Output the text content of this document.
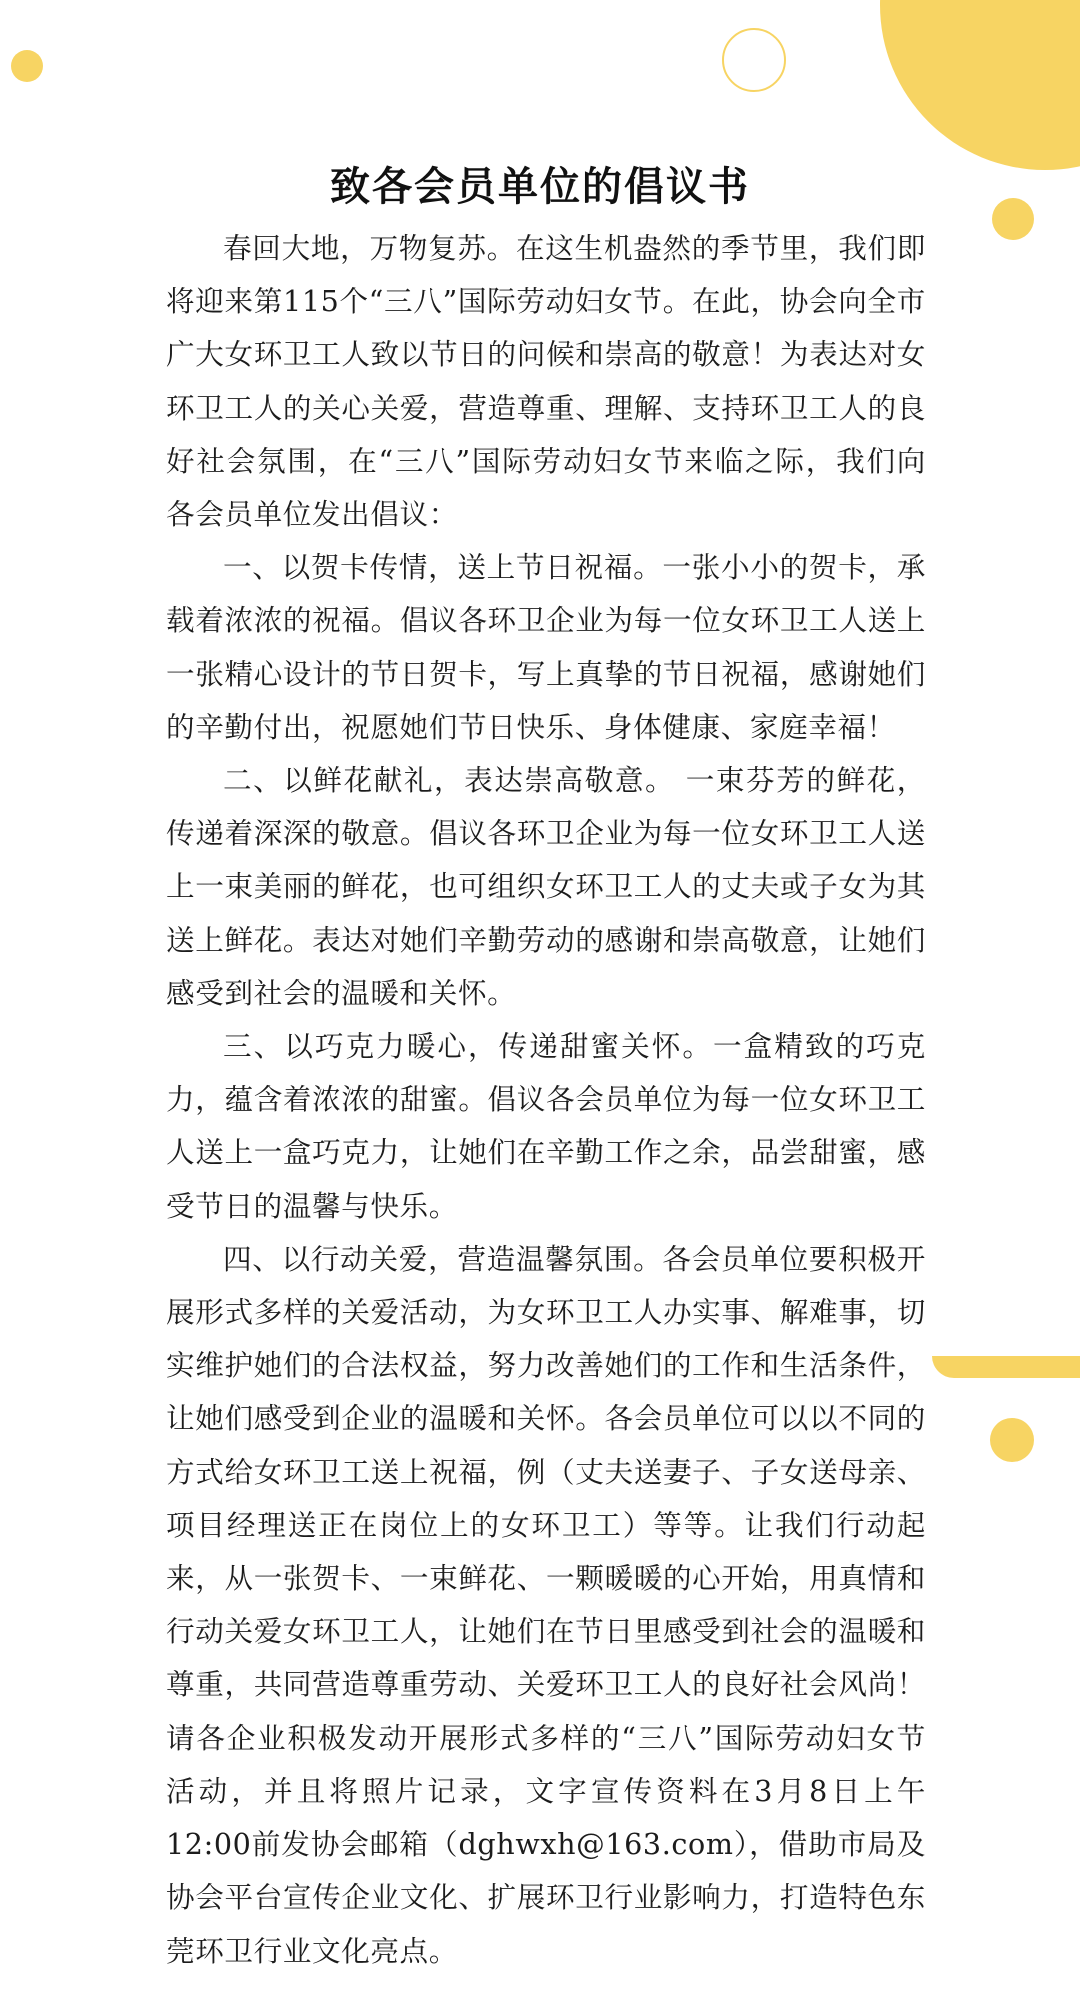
致各会员单位的倡议书

春回大地，万物复苏。在这生机盎然的季节里，我们即将迎来第115个“三八”国际劳动妇女节。在此，协会向全市广大女环卫工人致以节日的问候和崇高的敬意！为表达对女环卫工人的关心关爱，营造尊重、理解、支持环卫工人的良好社会氛围，在“三八”国际劳动妇女节来临之际，我们向各会员单位发出倡议：

一、以贺卡传情，送上节日祝福。一张小小的贺卡，承载着浓浓的祝福。倡议各环卫企业为每一位女环卫工人送上一张精心设计的节日贺卡，写上真挚的节日祝福，感谢她们的辛勤付出，祝愿她们节日快乐、身体健康、家庭幸福！

二、以鲜花献礼，表达崇高敬意。 一束芬芳的鲜花，传递着深深的敬意。倡议各环卫企业为每一位女环卫工人送上一束美丽的鲜花，也可组织女环卫工人的丈夫或子女为其送上鲜花。表达对她们辛勤劳动的感谢和崇高敬意，让她们感受到社会的温暖和关怀。

三、以巧克力暖心，传递甜蜜关怀。一盒精致的巧克力，蕴含着浓浓的甜蜜。倡议各会员单位为每一位女环卫工人送上一盒巧克力，让她们在辛勤工作之余，品尝甜蜜，感受节日的温馨与快乐。

四、以行动关爱，营造温馨氛围。各会员单位要积极开展形式多样的关爱活动，为女环卫工人办实事、解难事，切实维护她们的合法权益，努力改善她们的工作和生活条件，让她们感受到企业的温暖和关怀。各会员单位可以以不同的方式给女环卫工送上祝福，例（丈夫送妻子、子女送母亲、项目经理送正在岗位上的女环卫工）等等。让我们行动起来，从一张贺卡、一束鲜花、一颗暖暖的心开始，用真情和行动关爱女环卫工人，让她们在节日里感受到社会的温暖和尊重，共同营造尊重劳动、关爱环卫工人的良好社会风尚！请各企业积极发动开展形式多样的“三八”国际劳动妇女节活动，并且将照片记录，文字宣传资料在3月8日上午12:00前发协会邮箱（dghwxh@163.com），借助市局及协会平台宣传企业文化、扩展环卫行业影响力，打造特色东莞环卫行业文化亮点。
